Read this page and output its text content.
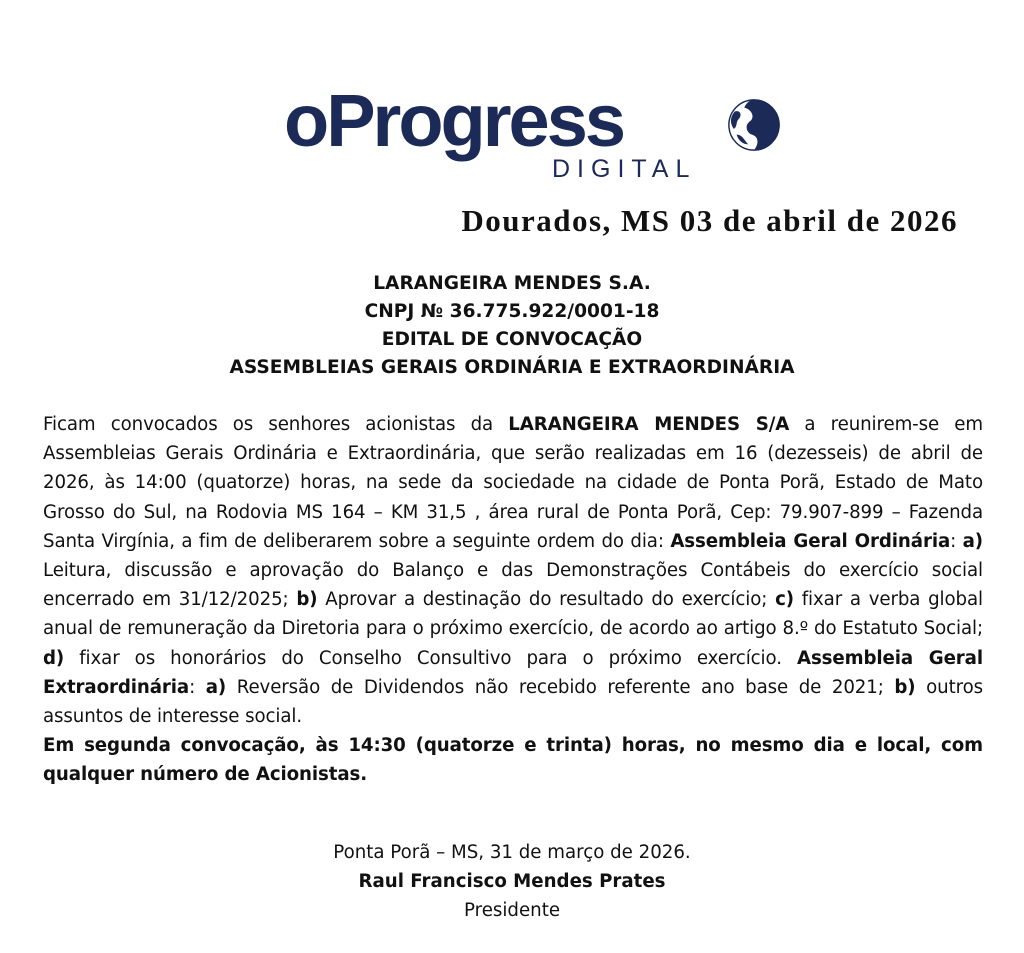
oProgress
DIGITAL
Dourados, MS 03 de abril de 2026
LARANGEIRA MENDES S.A.
CNPJ № 36.775.922/0001-18
EDITAL DE CONVOCAÇÃO
ASSEMBLEIAS GERAIS ORDINÁRIA E EXTRAORDINÁRIA

Ficam convocados os senhores acionistas da LARANGEIRA MENDES S/A a reunirem-se em Assembleias Gerais Ordinária e Extraordinária, que serão realizadas em 16 (dezesseis) de abril de 2026, às 14:00 (quatorze) horas, na sede da sociedade na cidade de Ponta Porã, Estado de Mato Grosso do Sul, na Rodovia MS 164 – KM 31,5 , área rural de Ponta Porã, Cep: 79.907-899 – Fazenda Santa Virgínia, a fim de deliberarem sobre a seguinte ordem do dia: Assembleia Geral Ordinária: a) Leitura, discussão e aprovação do Balanço e das Demonstrações Contábeis do exercício social encerrado em 31/12/2025; b) Aprovar a destinação do resultado do exercício; c) fixar a verba global anual de remuneração da Diretoria para o próximo exercício, de acordo ao artigo 8.º do Estatuto Social; d) fixar os honorários do Conselho Consultivo para o próximo exercício. Assembleia Geral Extraordinária: a) Reversão de Dividendos não recebido referente ano base de 2021; b) outros assuntos de interesse social.

Em segunda convocação, às 14:30 (quatorze e trinta) horas, no mesmo dia e local, com qualquer número de Acionistas.

Ponta Porã – MS, 31 de março de 2026.
Raul Francisco Mendes Prates
Presidente
